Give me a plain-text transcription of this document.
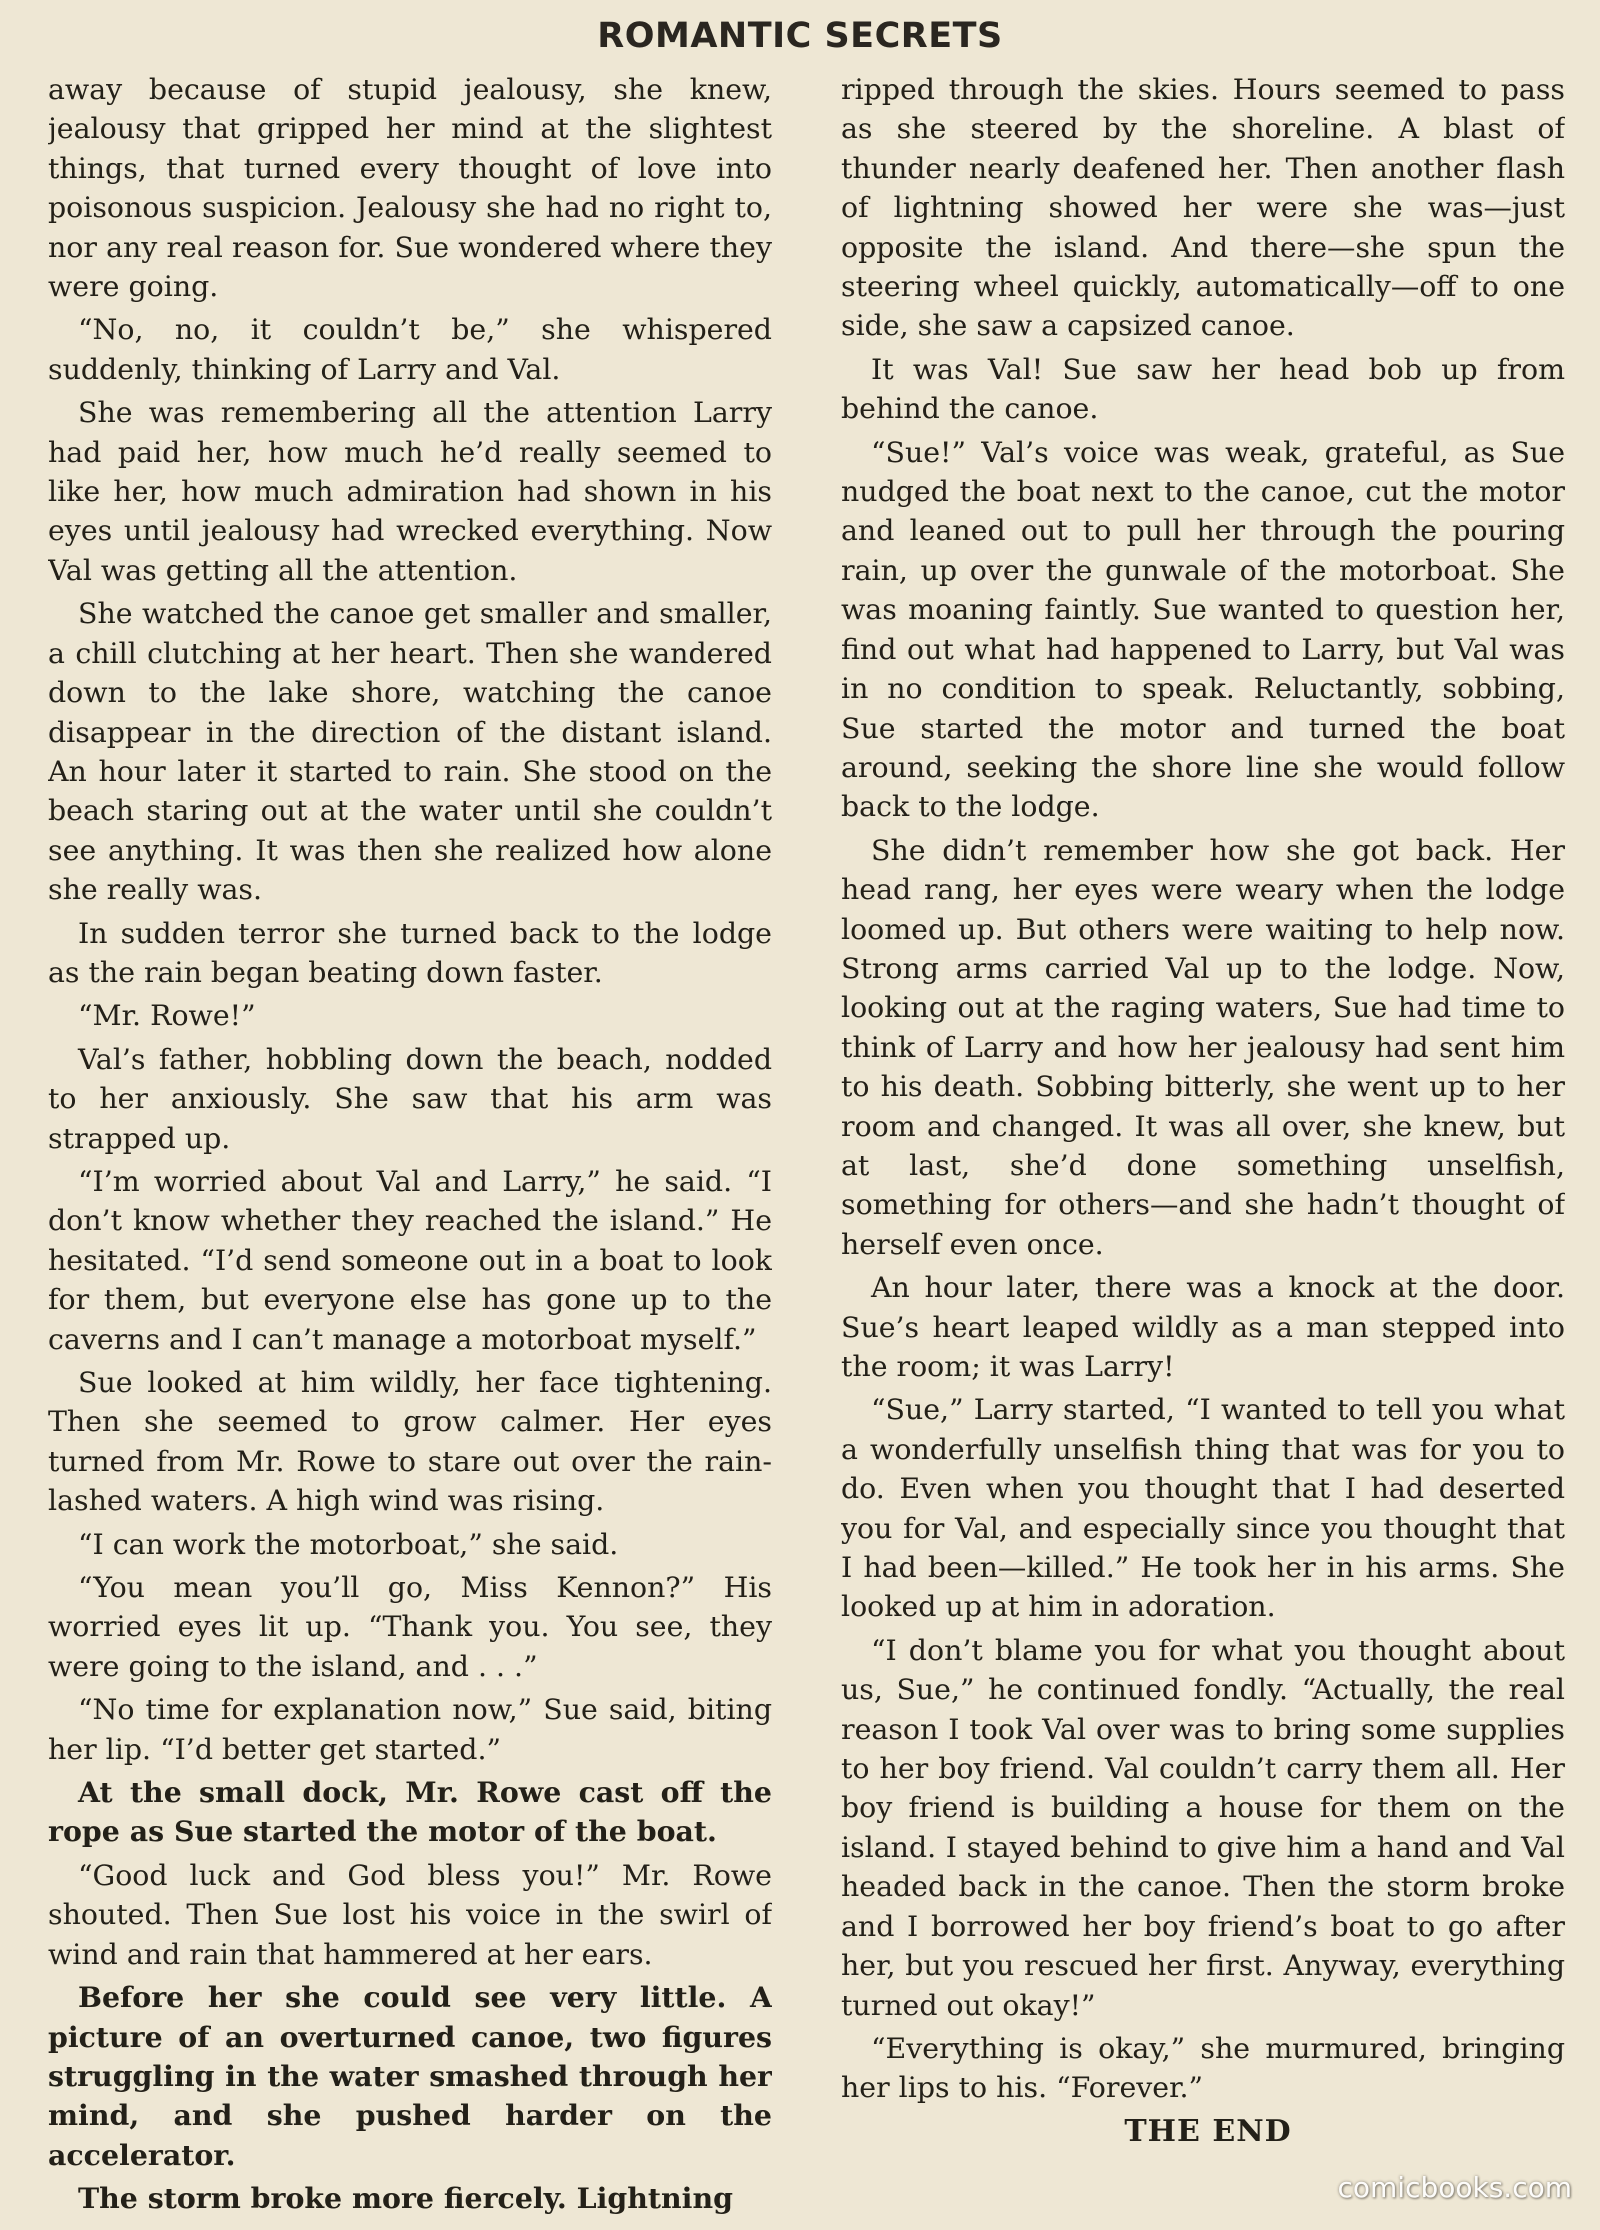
ROMANTIC SECRETS

away because of stupid jealousy, she knew, jealousy that gripped her mind at the slightest things, that turned every thought of love into poisonous suspicion. Jealousy she had no right to, nor any real reason for. Sue wondered where they were going.

“No, no, it couldn’t be,” she whispered suddenly, thinking of Larry and Val.

She was remembering all the attention Larry had paid her, how much he’d really seemed to like her, how much admiration had shown in his eyes until jealousy had wrecked everything. Now Val was getting all the attention.

She watched the canoe get smaller and smaller, a chill clutching at her heart. Then she wandered down to the lake shore, watching the canoe disappear in the direction of the distant island. An hour later it started to rain. She stood on the beach staring out at the water until she couldn’t see anything. It was then she realized how alone she really was.

In sudden terror she turned back to the lodge as the rain began beating down faster.

“Mr. Rowe!”

Val’s father, hobbling down the beach, nodded to her anxiously. She saw that his arm was strapped up.

“I’m worried about Val and Larry,” he said. “I don’t know whether they reached the island.” He hesitated. “I’d send someone out in a boat to look for them, but everyone else has gone up to the caverns and I can’t manage a motorboat myself.”

Sue looked at him wildly, her face tightening. Then she seemed to grow calmer. Her eyes turned from Mr. Rowe to stare out over the rain-lashed waters. A high wind was rising.

“I can work the motorboat,” she said.

“You mean you’ll go, Miss Kennon?” His worried eyes lit up. “Thank you. You see, they were going to the island, and . . .”

“No time for explanation now,” Sue said, biting her lip. “I’d better get started.”

At the small dock, Mr. Rowe cast off the rope as Sue started the motor of the boat.

“Good luck and God bless you!” Mr. Rowe shouted. Then Sue lost his voice in the swirl of wind and rain that hammered at her ears.

Before her she could see very little. A picture of an overturned canoe, two figures struggling in the water smashed through her mind, and she pushed harder on the accelerator.

The storm broke more fiercely. Lightning

ripped through the skies. Hours seemed to pass as she steered by the shoreline. A blast of thunder nearly deafened her. Then another flash of lightning showed her were she was—just opposite the island. And there—she spun the steering wheel quickly, automatically—off to one side, she saw a capsized canoe.

It was Val! Sue saw her head bob up from behind the canoe.

“Sue!” Val’s voice was weak, grateful, as Sue nudged the boat next to the canoe, cut the motor and leaned out to pull her through the pouring rain, up over the gunwale of the motorboat. She was moaning faintly. Sue wanted to question her, find out what had happened to Larry, but Val was in no condition to speak. Reluctantly, sobbing, Sue started the motor and turned the boat around, seeking the shore line she would follow back to the lodge.

She didn’t remember how she got back. Her head rang, her eyes were weary when the lodge loomed up. But others were waiting to help now. Strong arms carried Val up to the lodge. Now, looking out at the raging waters, Sue had time to think of Larry and how her jealousy had sent him to his death. Sobbing bitterly, she went up to her room and changed. It was all over, she knew, but at last, she’d done something unselfish, something for others—and she hadn’t thought of herself even once.

An hour later, there was a knock at the door. Sue’s heart leaped wildly as a man stepped into the room; it was Larry!

“Sue,” Larry started, “I wanted to tell you what a wonderfully unselfish thing that was for you to do. Even when you thought that I had deserted you for Val, and especially since you thought that I had been—killed.” He took her in his arms. She looked up at him in adoration.

“I don’t blame you for what you thought about us, Sue,” he continued fondly. “Actually, the real reason I took Val over was to bring some supplies to her boy friend. Val couldn’t carry them all. Her boy friend is building a house for them on the island. I stayed behind to give him a hand and Val headed back in the canoe. Then the storm broke and I borrowed her boy friend’s boat to go after her, but you rescued her first. Anyway, everything turned out okay!”

“Everything is okay,” she murmured, bringing her lips to his. “Forever.”

THE END
comicbooks.com
